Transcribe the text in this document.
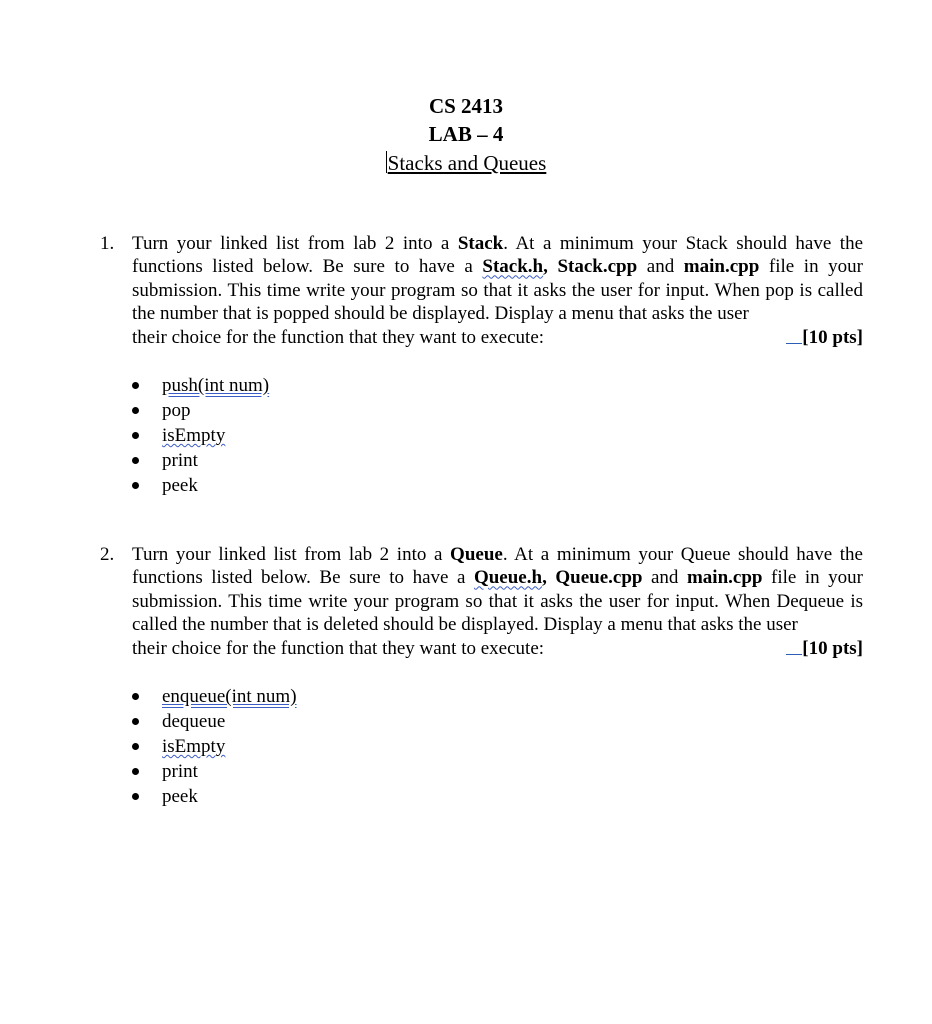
CS 2413
LAB – 4
Stacks and Queues
1. Turn your linked list from lab 2 into a Stack. At a minimum your Stack should have the functions listed below. Be sure to have a Stack.h, Stack.cpp and main.cpp file in your submission. This time write your program so that it asks the user for input. When pop is called the number that is popped should be displayed. Display a menu that asks the user
their choice for the function that they want to execute:	[10 pts]
push(int num)
pop
isEmpty
print
peek
2. Turn your linked list from lab 2 into a Queue. At a minimum your Queue should have the functions listed below. Be sure to have a Queue.h, Queue.cpp and main.cpp file in your submission. This time write your program so that it asks the user for input. When Dequeue is called the number that is deleted should be displayed. Display a menu that asks the user
their choice for the function that they want to execute:	[10 pts]
enqueue(int num)
dequeue
isEmpty
print
peek
